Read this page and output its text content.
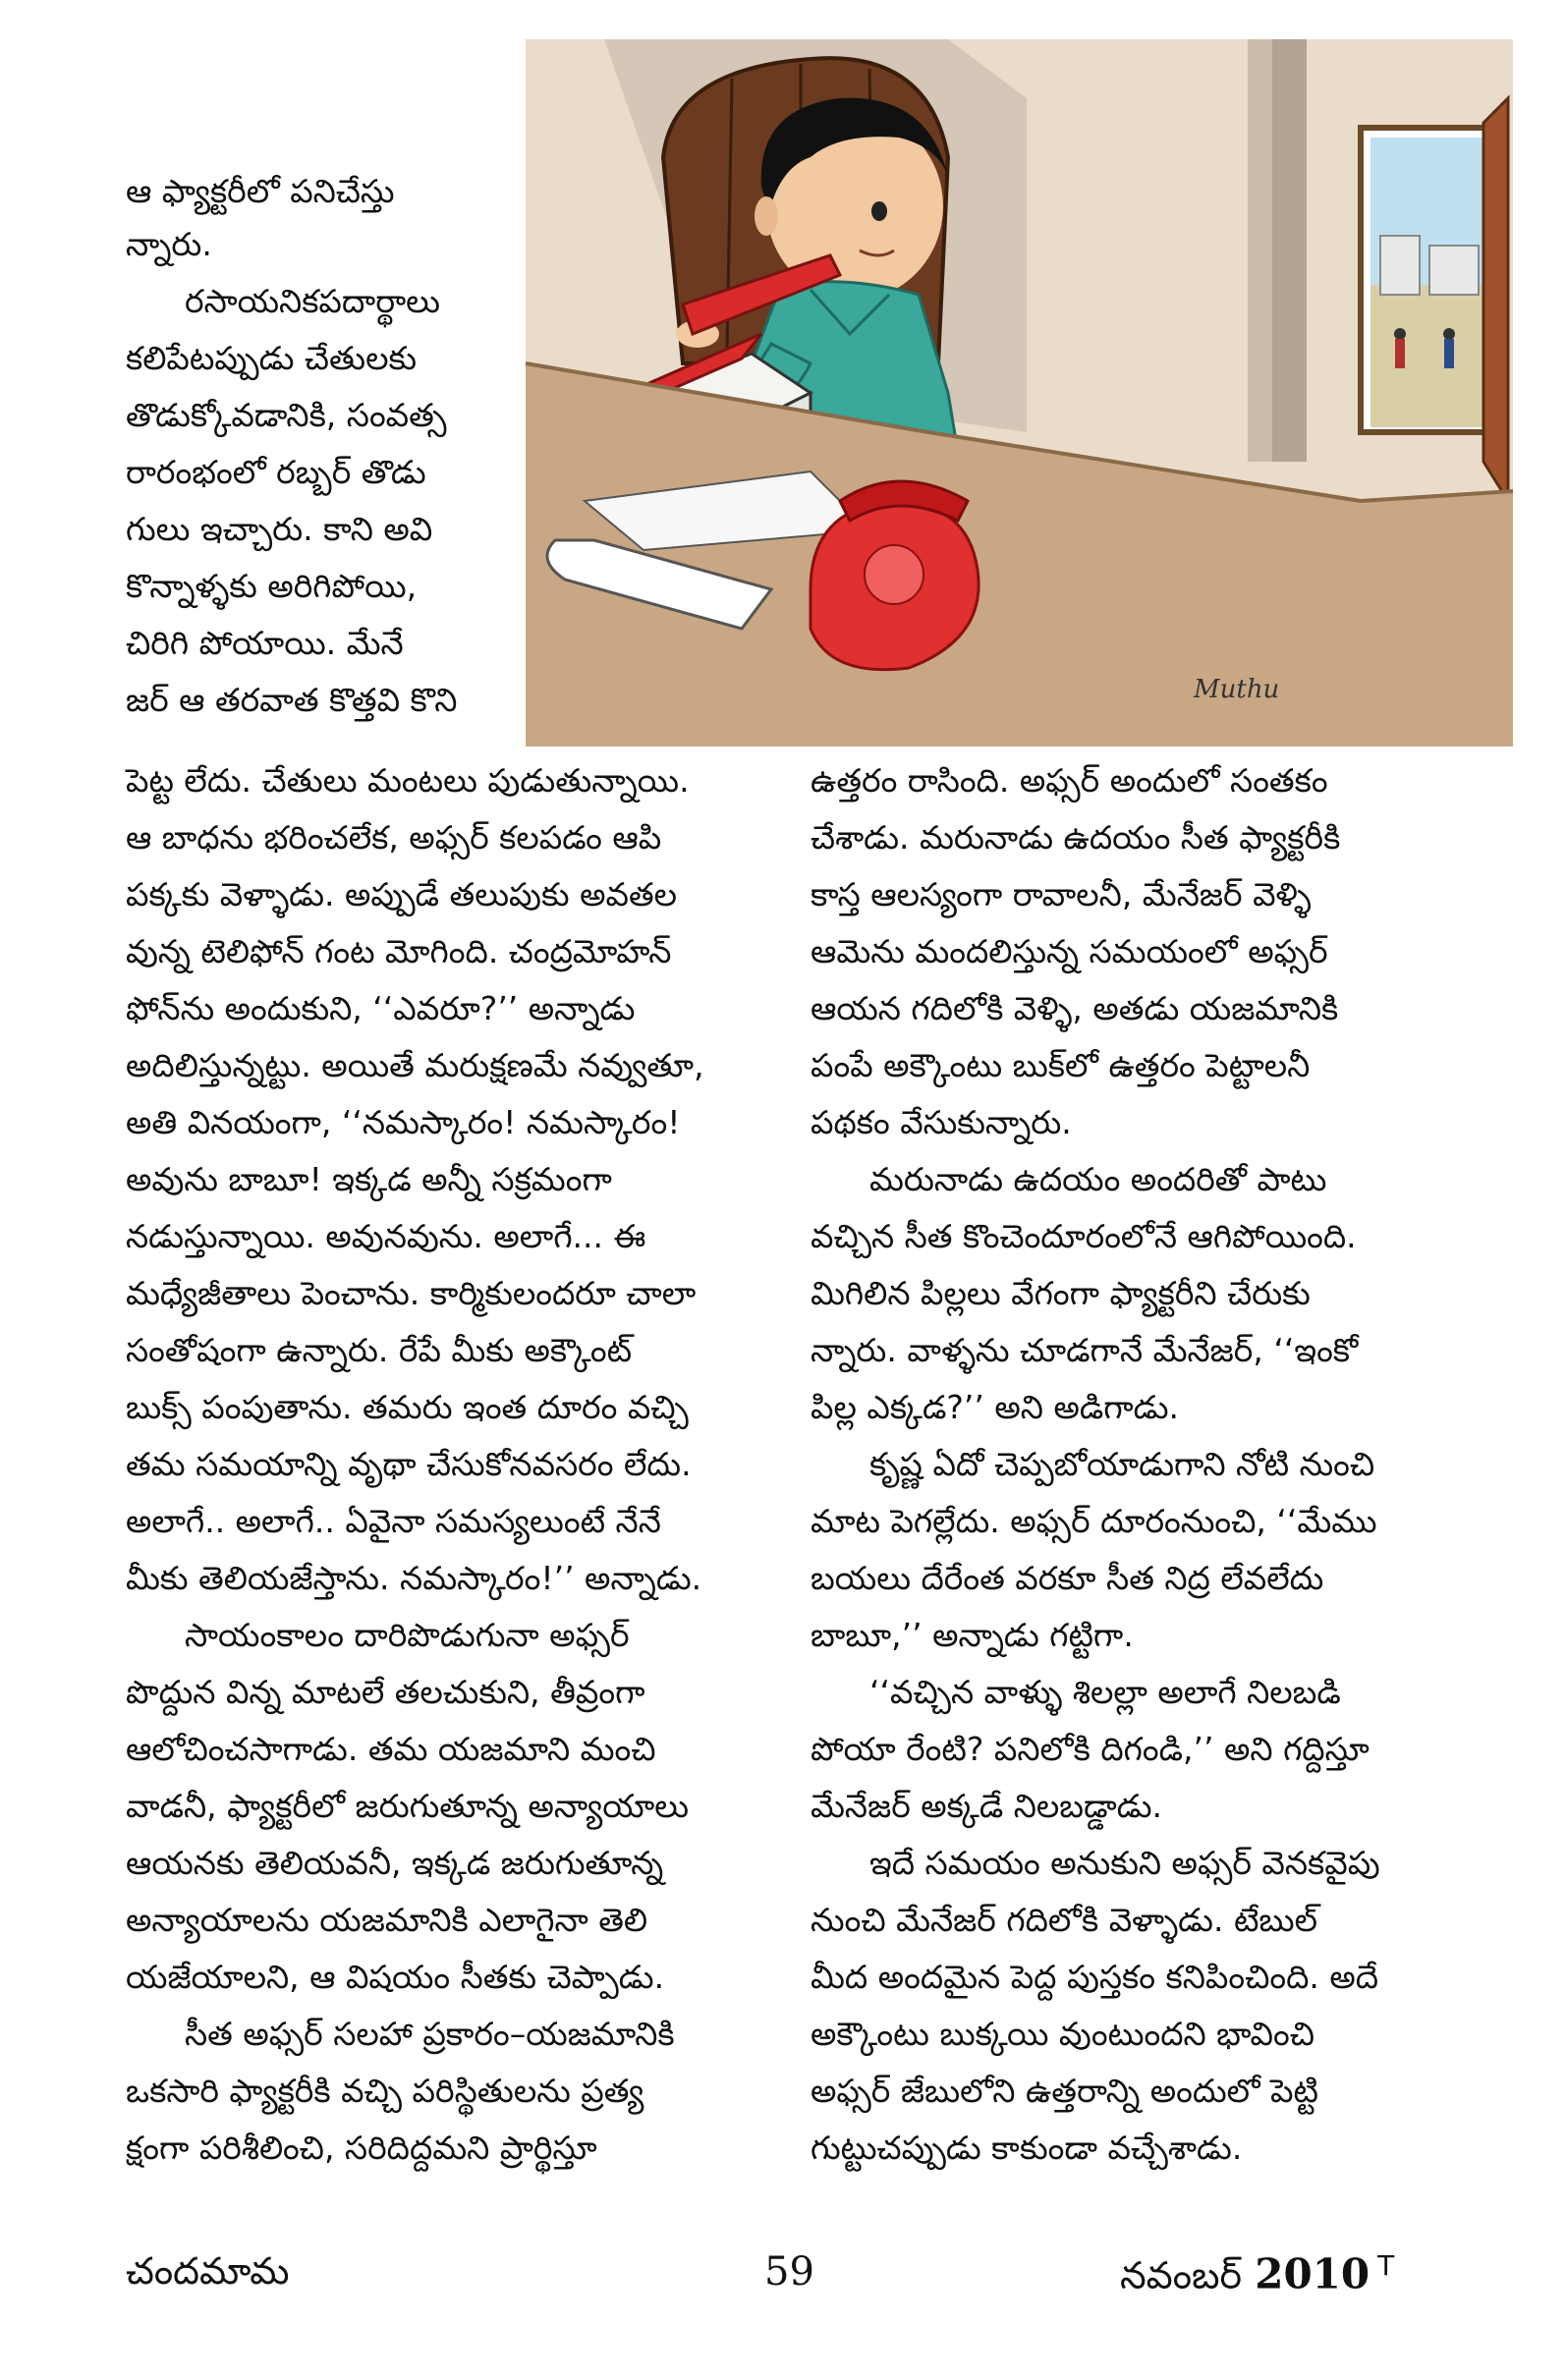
Muthu
ఆ ఫ్యాక్టరీలో పనిచేస్తు
న్నారు.
రసాయనికపదార్థాలు
కలిపేటప్పుడు చేతులకు
తొడుక్కోవడానికి, సంవత్స
రారంభంలో రబ్బర్ తొడు
గులు ఇచ్చారు. కాని అవి
కొన్నాళ్ళకు అరిగిపోయి,
చిరిగి పోయాయి. మేనే
జర్ ఆ తరవాత కొత్తవి కొని
పెట్ట లేదు. చేతులు మంటలు పుడుతున్నాయి.
ఆ బాధను భరించలేక, అఫ్సర్ కలపడం ఆపి
పక్కకు వెళ్ళాడు. అప్పుడే తలుపుకు అవతల
వున్న టెలిఫోన్ గంట మోగింది. చంద్రమోహన్
ఫోన్‌ను అందుకుని, ‘‘ఎవరూ?’’ అన్నాడు
అదిలిస్తున్నట్టు. అయితే మరుక్షణమే నవ్వుతూ,
అతి వినయంగా, ‘‘నమస్కారం! నమస్కారం!
అవును బాబూ! ఇక్కడ అన్నీ సక్రమంగా
నడుస్తున్నాయి. అవునవును. అలాగే... ఈ
మధ్యేజీతాలు పెంచాను. కార్మికులందరూ చాలా
సంతోషంగా ఉన్నారు. రేపే మీకు అక్కౌంట్
బుక్స్ పంపుతాను. తమరు ఇంత దూరం వచ్చి
తమ సమయాన్ని వృథా చేసుకోనవసరం లేదు.
అలాగే.. అలాగే.. ఏవైనా సమస్యలుంటే నేనే
మీకు తెలియజేస్తాను. నమస్కారం!’’ అన్నాడు.
సాయంకాలం దారిపొడుగునా అఫ్సర్
పొద్దున విన్న మాటలే తలచుకుని, తీవ్రంగా
ఆలోచించసాగాడు. తమ యజమాని మంచి
వాడనీ, ఫ్యాక్టరీలో జరుగుతూన్న అన్యాయాలు
ఆయనకు తెలియవనీ, ఇక్కడ జరుగుతూన్న
అన్యాయాలను యజమానికి ఎలాగైనా తెలి
యజేయాలని, ఆ విషయం సీతకు చెప్పాడు.
సీత అఫ్సర్ సలహా ప్రకారం–యజమానికి
ఒకసారి ఫ్యాక్టరీకి వచ్చి పరిస్థితులను ప్రత్య
క్షంగా పరిశీలించి, సరిదిద్దమని ప్రార్థిస్తూ
ఉత్తరం రాసింది. అఫ్సర్ అందులో సంతకం
చేశాడు. మరునాడు ఉదయం సీత ఫ్యాక్టరీకి
కాస్త ఆలస్యంగా రావాలనీ, మేనేజర్ వెళ్ళి
ఆమెను మందలిస్తున్న సమయంలో అఫ్సర్
ఆయన గదిలోకి వెళ్ళి, అతడు యజమానికి
పంపే అక్కౌంటు బుక్‌లో ఉత్తరం పెట్టాలనీ
పథకం వేసుకున్నారు.
మరునాడు ఉదయం అందరితో పాటు
వచ్చిన సీత కొంచెందూరంలోనే ఆగిపోయింది.
మిగిలిన పిల్లలు వేగంగా ఫ్యాక్టరీని చేరుకు
న్నారు. వాళ్ళను చూడగానే మేనేజర్, ‘‘ఇంకో
పిల్ల ఎక్కడ?’’ అని అడిగాడు.
కృష్ణ ఏదో చెప్పబోయాడుగాని నోటి నుంచి
మాట పెగల్లేదు. అఫ్సర్ దూరంనుంచి, ‘‘మేము
బయలు దేరేంత వరకూ సీత నిద్ర లేవలేదు
బాబూ,’’ అన్నాడు గట్టిగా.
‘‘వచ్చిన వాళ్ళు శిలల్లా అలాగే నిలబడి
పోయా రేంటి? పనిలోకి దిగండి,’’ అని గద్దిస్తూ
మేనేజర్ అక్కడే నిలబడ్డాడు.
ఇదే సమయం అనుకుని అఫ్సర్ వెనకవైపు
నుంచి మేనేజర్ గదిలోకి వెళ్ళాడు. టేబుల్
మీద అందమైన పెద్ద పుస్తకం కనిపించింది. అదే
అక్కౌంటు బుక్కయి వుంటుందని భావించి
అఫ్సర్ జేబులోని ఉత్తరాన్ని అందులో పెట్టి
గుట్టుచప్పుడు కాకుండా వచ్చేశాడు.
చందమామ	59	నవంబర్ 2010 $^T$
